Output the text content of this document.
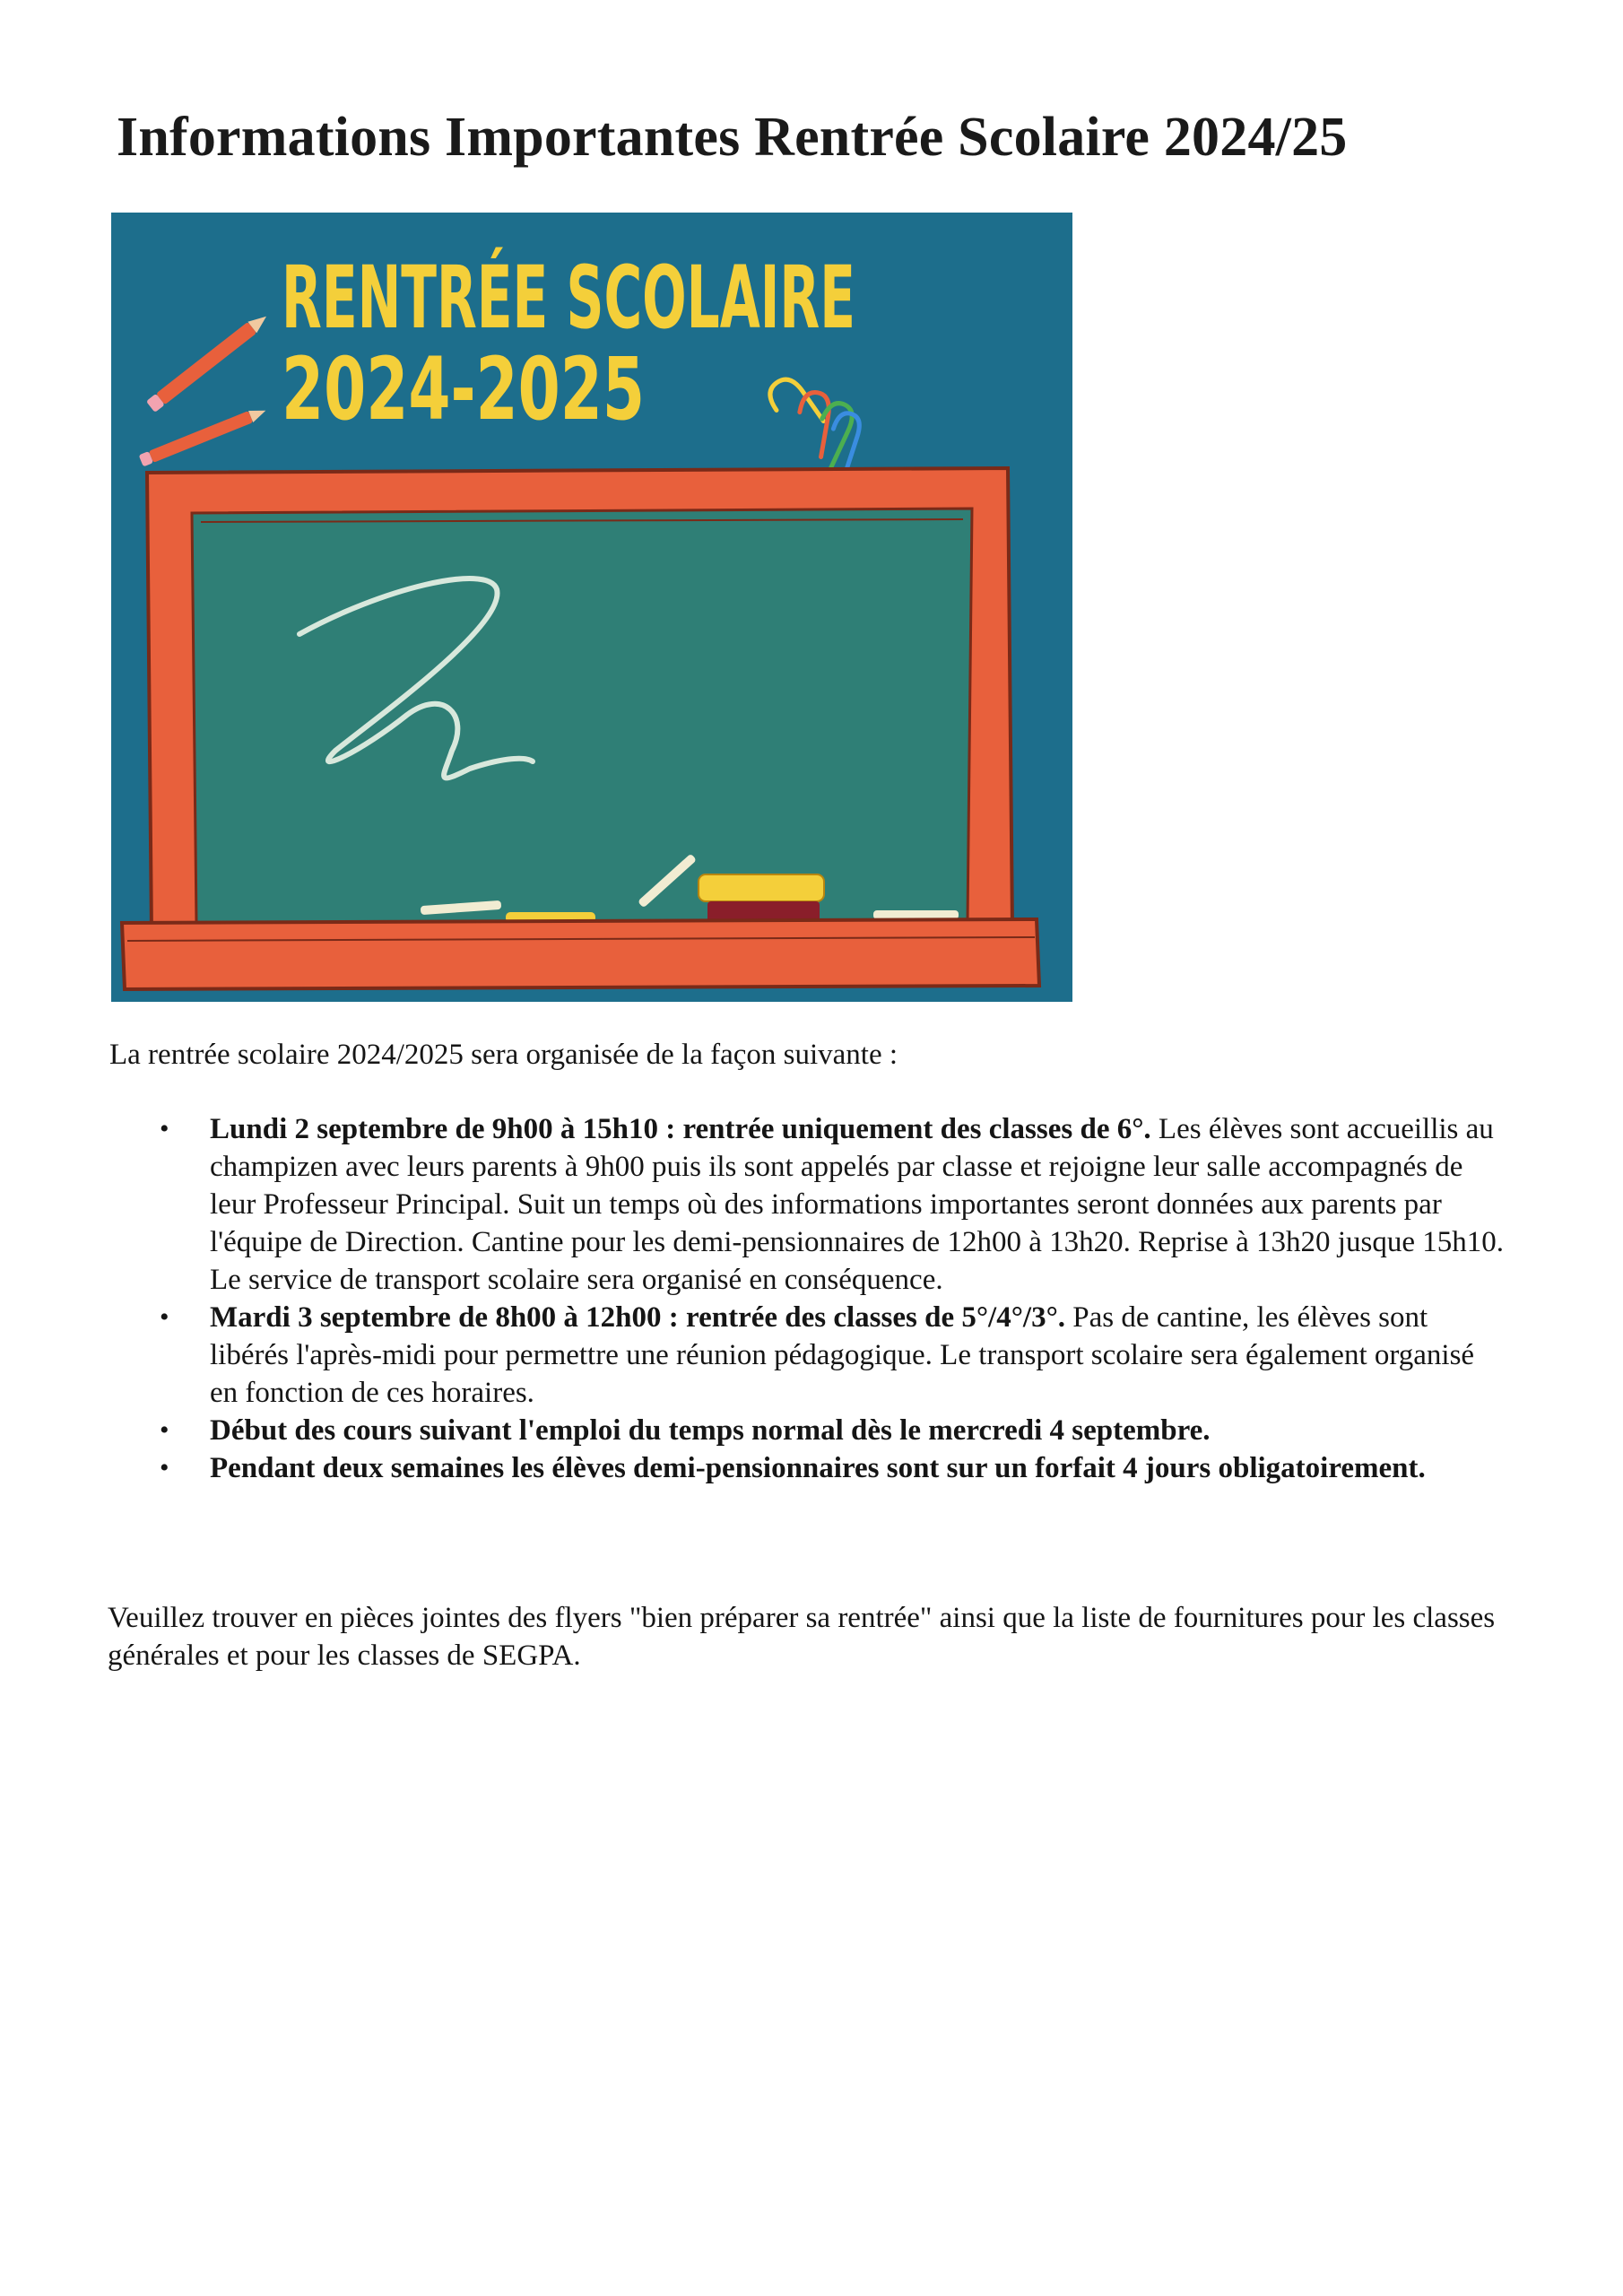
Informations Importantes Rentrée Scolaire 2024/25
RENTRÉE SCOLAIRE
2024-2025

La rentrée scolaire 2024/2025 sera organisée de la façon suivante :

• Lundi 2 septembre de 9h00 à 15h10 : rentrée uniquement des classes de 6°. Les élèves sont accueillis au champizen avec leurs parents à 9h00 puis ils sont appelés par classe et rejoigne leur salle accompagnés de leur Professeur Principal. Suit un temps où des informations importantes seront données aux parents par l'équipe de Direction. Cantine pour les demi-pensionnaires de 12h00 à 13h20. Reprise à 13h20 jusque 15h10. Le service de transport scolaire sera organisé en conséquence.
• Mardi 3 septembre de 8h00 à 12h00 : rentrée des classes de 5°/4°/3°. Pas de cantine, les élèves sont libérés l'après-midi pour permettre une réunion pédagogique. Le transport scolaire sera également organisé en fonction de ces horaires.
• Début des cours suivant l'emploi du temps normal dès le mercredi 4 septembre.
• Pendant deux semaines les élèves demi-pensionnaires sont sur un forfait 4 jours obligatoirement.

Veuillez trouver en pièces jointes des flyers "bien préparer sa rentrée" ainsi que la liste de fournitures pour les classes générales et pour les classes de SEGPA.
